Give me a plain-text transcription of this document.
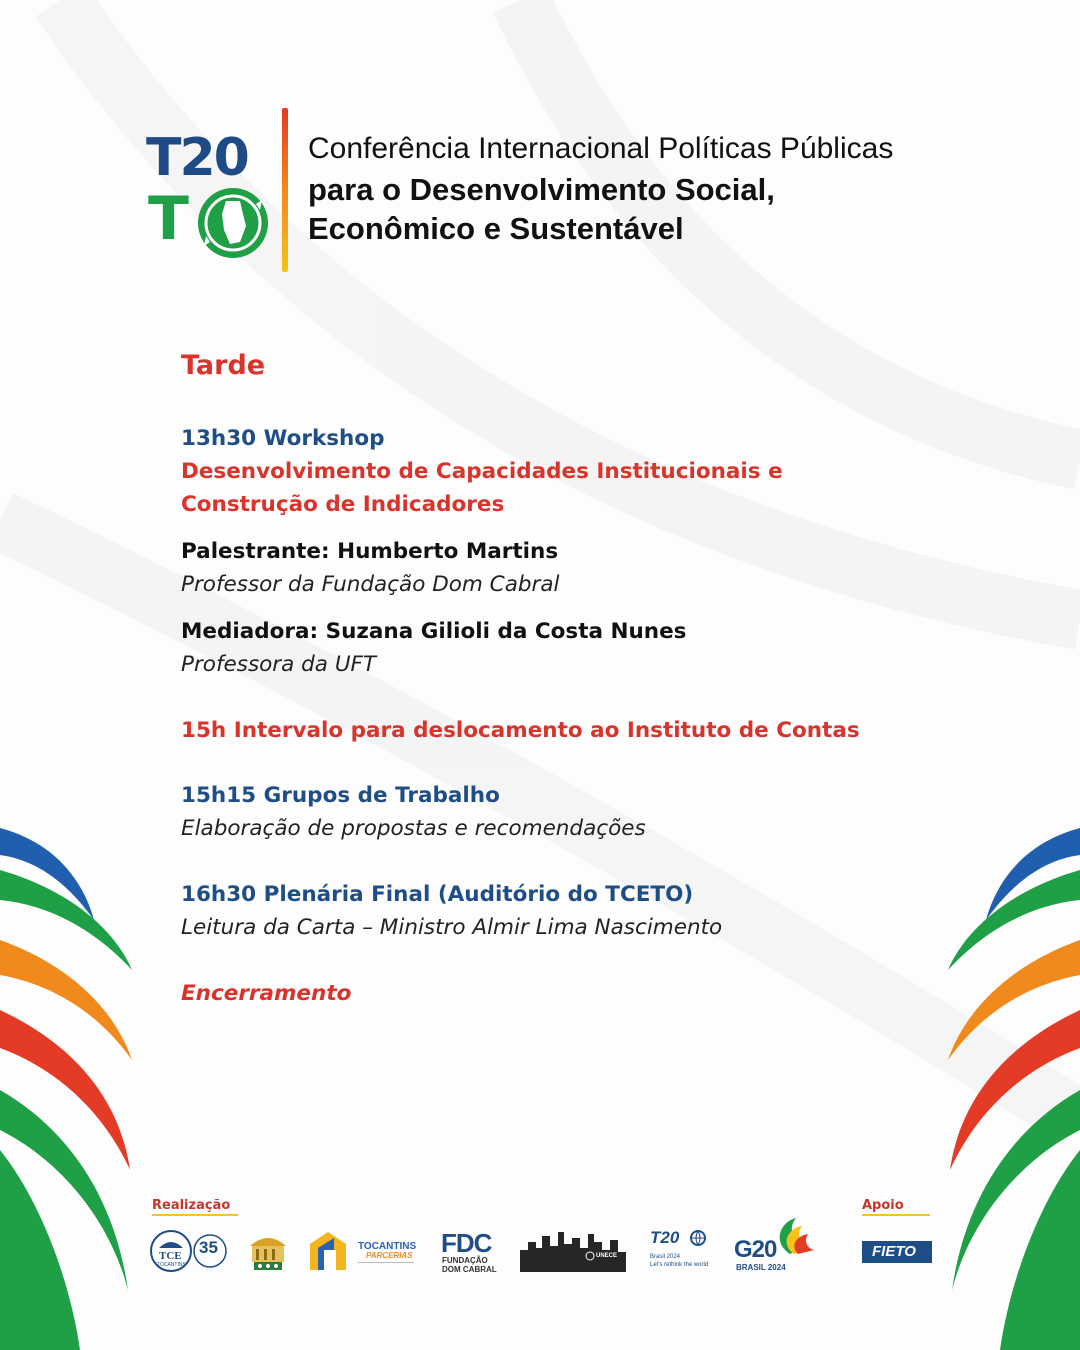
T20
T
Conferência Internacional Políticas Públicas
para o Desenvolvimento Social,
Econômico e Sustentável
Tarde
13h30 Workshop
Desenvolvimento de Capacidades Institucionais e
Construção de Indicadores
Palestrante: Humberto Martins
Professor da Fundação Dom Cabral
Mediadora: Suzana Gilioli da Costa Nunes
Professora da UFT
15h Intervalo para deslocamento ao Instituto de Contas
15h15 Grupos de Trabalho
Elaboração de propostas e recomendações
16h30 Plenária Final (Auditório do TCETO)
Leitura da Carta – Ministro Almir Lima Nascimento
Encerramento
Realização	Apoio
TCE
TOCANTINS
35	TOCANTINS
PARCERIAS FDC
FUNDAÇÃO
DOM CABRAL
UNECE
T20
Brasil 2024
Let's rethink the world
G20
BRASIL 2024
FIETO
